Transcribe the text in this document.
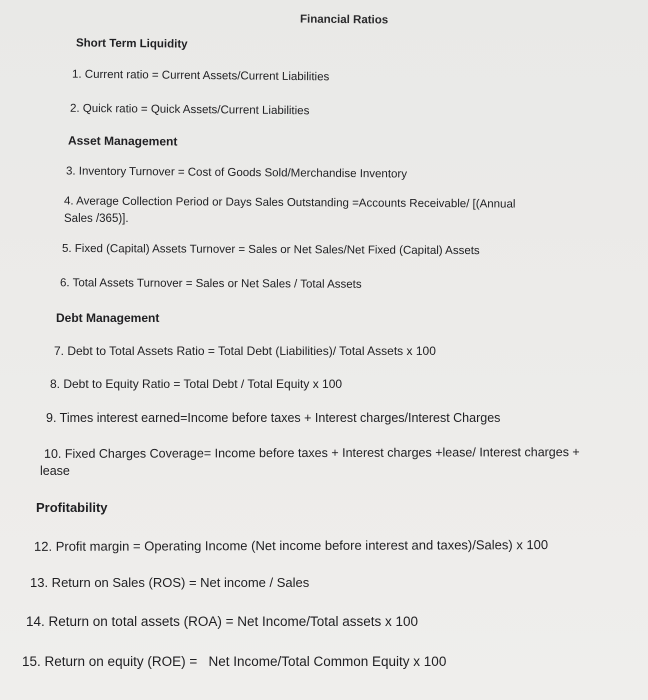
Financial Ratios
Short Term Liquidity
1. Current ratio = Current Assets/Current Liabilities
2. Quick ratio = Quick Assets/Current Liabilities
Asset Management
3. Inventory Turnover = Cost of Goods Sold/Merchandise Inventory
4. Average Collection Period or Days Sales Outstanding =Accounts Receivable/ [(Annual
Sales /365)].
5. Fixed (Capital) Assets Turnover = Sales or Net Sales/Net Fixed (Capital) Assets
6. Total Assets Turnover = Sales or Net Sales / Total Assets
Debt Management
7. Debt to Total Assets Ratio = Total Debt (Liabilities)/ Total Assets x 100
8. Debt to Equity Ratio = Total Debt / Total Equity x 100
9. Times interest earned=Income before taxes + Interest charges/Interest Charges
10. Fixed Charges Coverage= Income before taxes + Interest charges +lease/ Interest charges +
lease
Profitability
12. Profit margin = Operating Income (Net income before interest and taxes)/Sales) x 100
13. Return on Sales (ROS) = Net income / Sales
14. Return on total assets (ROA) = Net Income/Total assets x 100
15. Return on equity (ROE) =   Net Income/Total Common Equity x 100
